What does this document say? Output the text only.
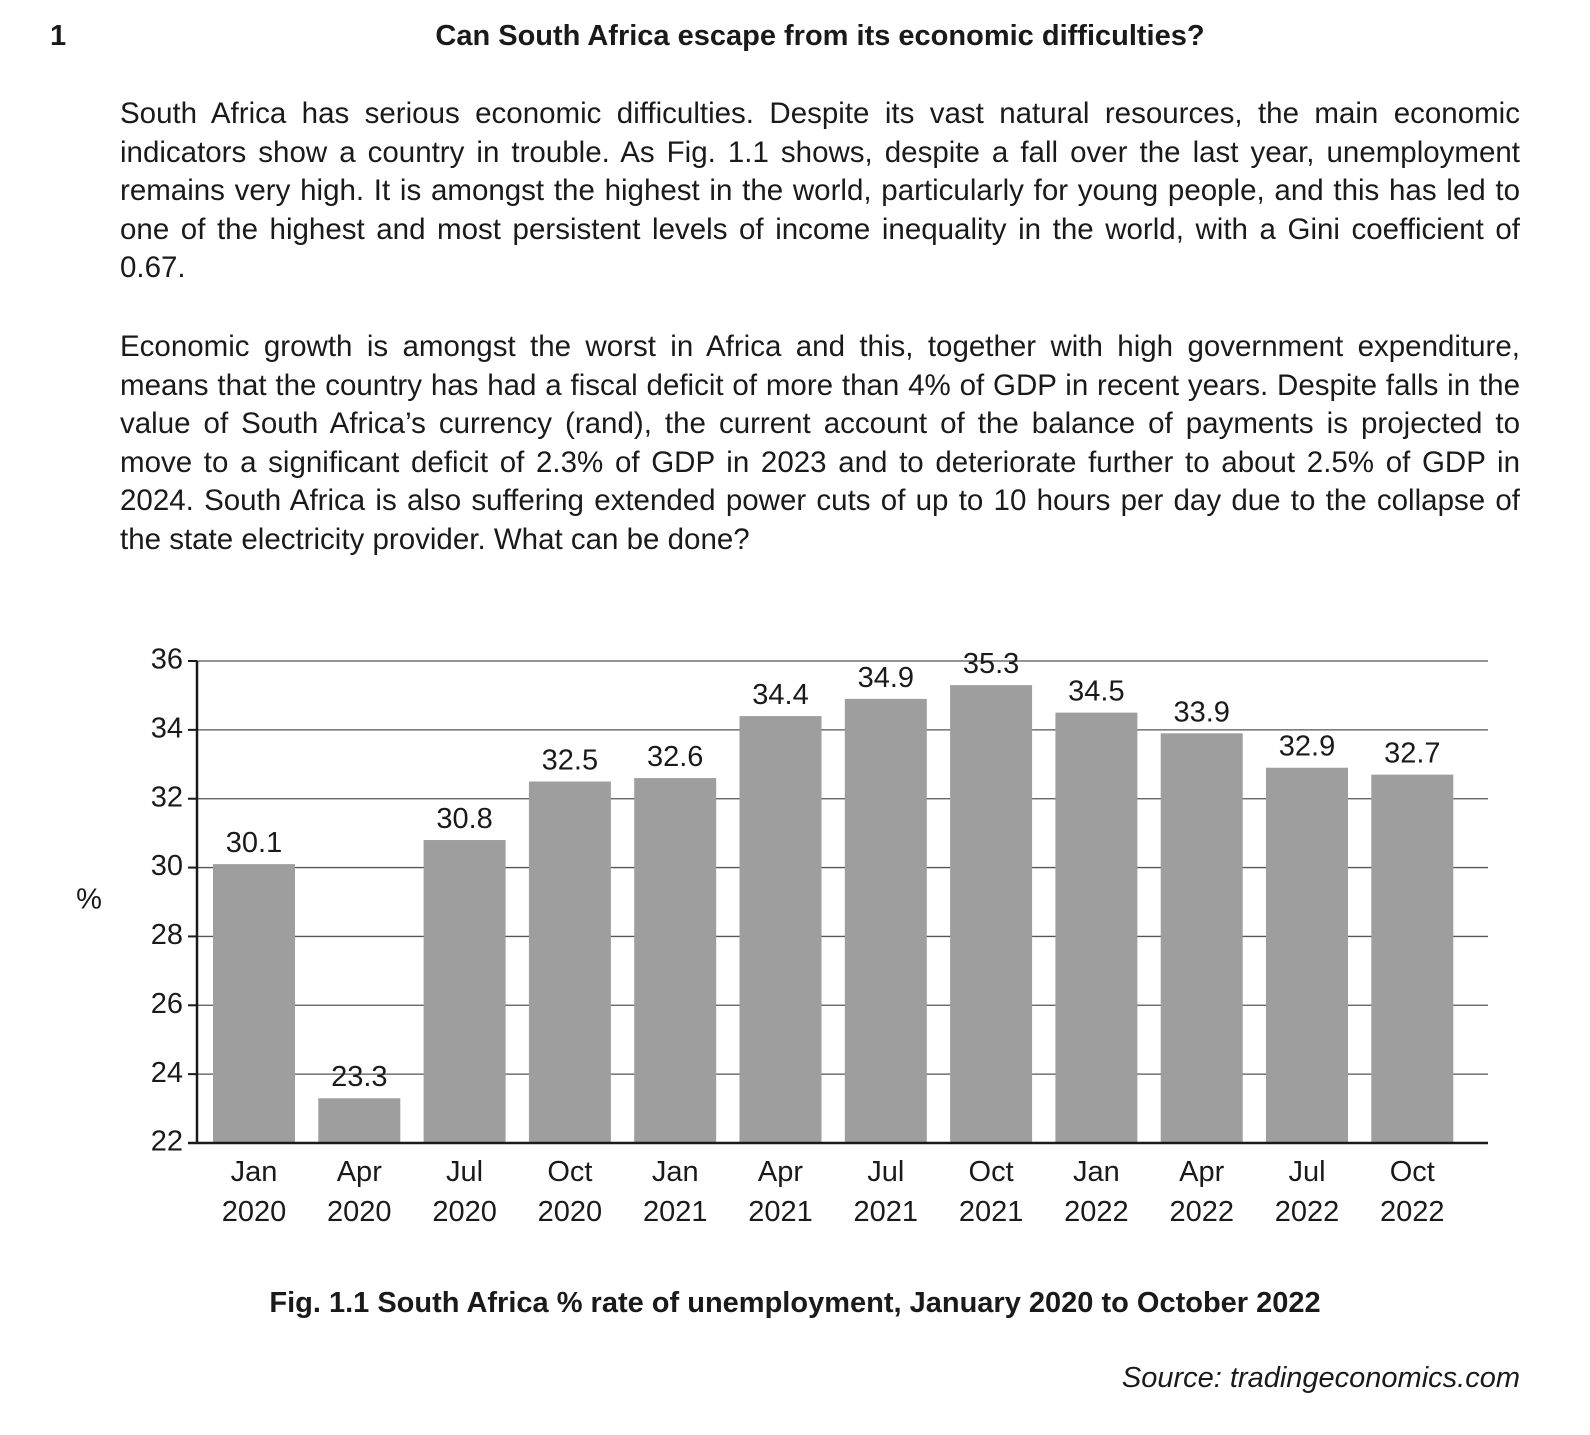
1	Can South Africa escape from its economic difficulties?

South Africa has serious economic difficulties. Despite its vast natural resources, the main economic indicators show a country in trouble. As Fig. 1.1 shows, despite a fall over the last year, unemployment remains very high. It is amongst the highest in the world, particularly for young people, and this has led to one of the highest and most persistent levels of income inequality in the world, with a Gini coefficient of 0.67.

Economic growth is amongst the worst in Africa and this, together with high government expenditure, means that the country has had a fiscal deficit of more than 4% of GDP in recent years. Despite falls in the value of South Africa’s currency (rand), the current account of the balance of payments is projected to move to a significant deficit of 2.3% of GDP in 2023 and to deteriorate further to about 2.5% of GDP in 2024. South Africa is also suffering extended power cuts of up to 10 hours per day due to the collapse of the state electricity provider. What can be done?

22
24
26
28
30
32
34
36
Jan
2020
Apr
2020
Jul
2020
Oct
2020
Jan
2021
Apr
2021
Jul
2021
Oct
2021
Jan
2022
Apr
2022
Jul
2022
Oct
2022
30.1
23.3
30.8
32.5 32.6
34.4
34.9 35.3
34.5
33.9
32.9 32.7
%
Fig. 1.1 South Africa % rate of unemployment, January 2020 to October 2022
Source: tradingeconomics.com
